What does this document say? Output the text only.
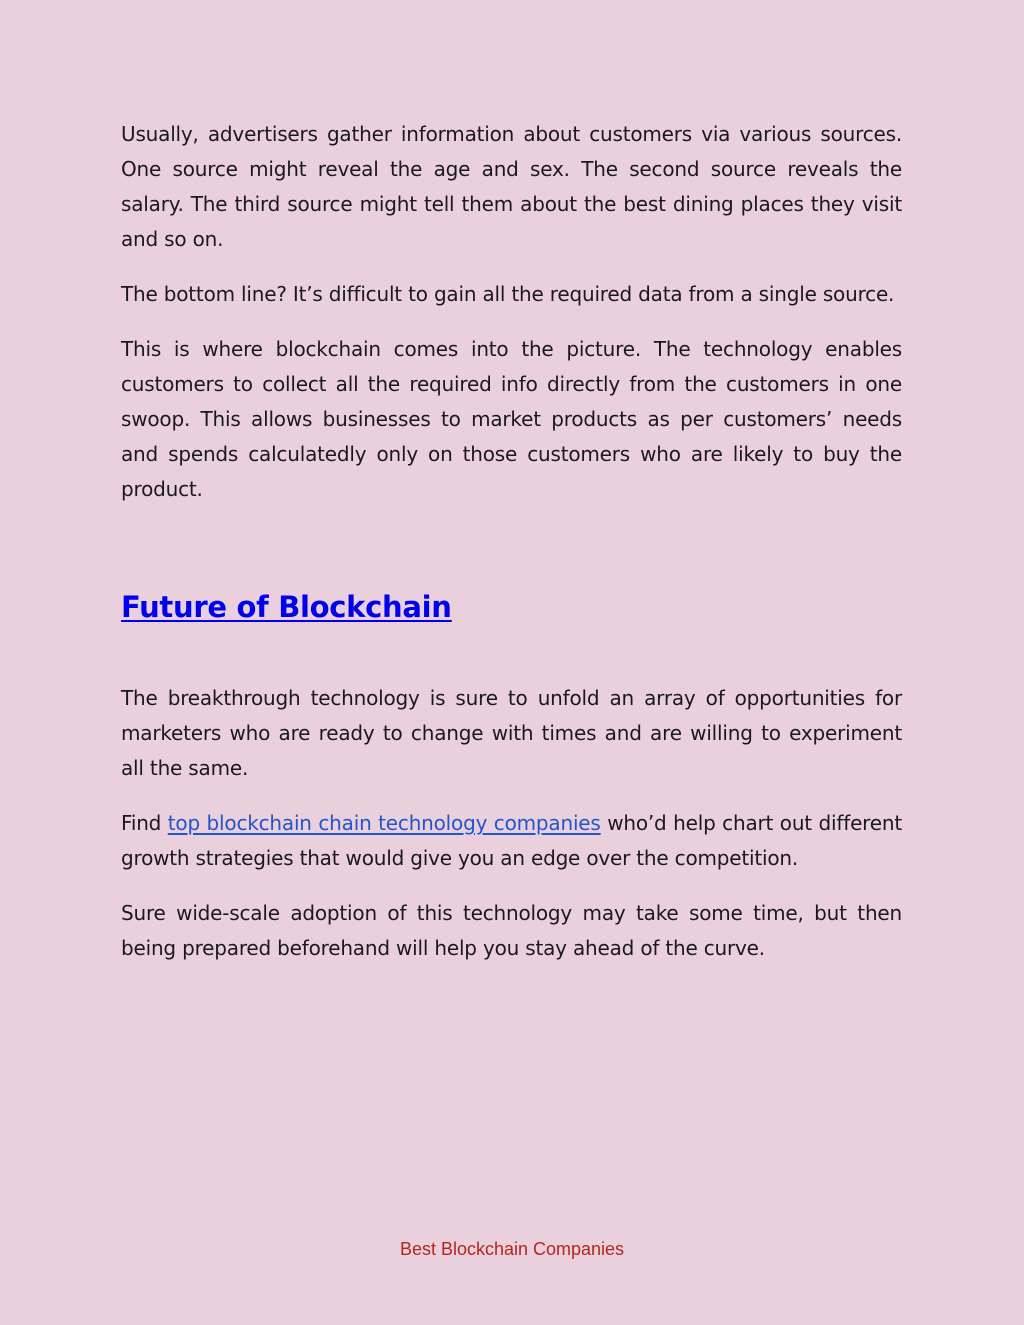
Usually, advertisers gather information about customers via various sources. One source might reveal the age and sex. The second source reveals the salary. The third source might tell them about the best dining places they visit and so on.

The bottom line? It’s difficult to gain all the required data from a single source.

This is where blockchain comes into the picture. The technology enables customers to collect all the required info directly from the customers in one swoop. This allows businesses to market products as per customers’ needs and spends calculatedly only on those customers who are likely to buy the product.

Future of Blockchain

The breakthrough technology is sure to unfold an array of opportunities for marketers who are ready to change with times and are willing to experiment all the same.

Find top blockchain chain technology companies who’d help chart out different growth strategies that would give you an edge over the competition.

Sure wide-scale adoption of this technology may take some time, but then being prepared beforehand will help you stay ahead of the curve.

Best Blockchain Companies
